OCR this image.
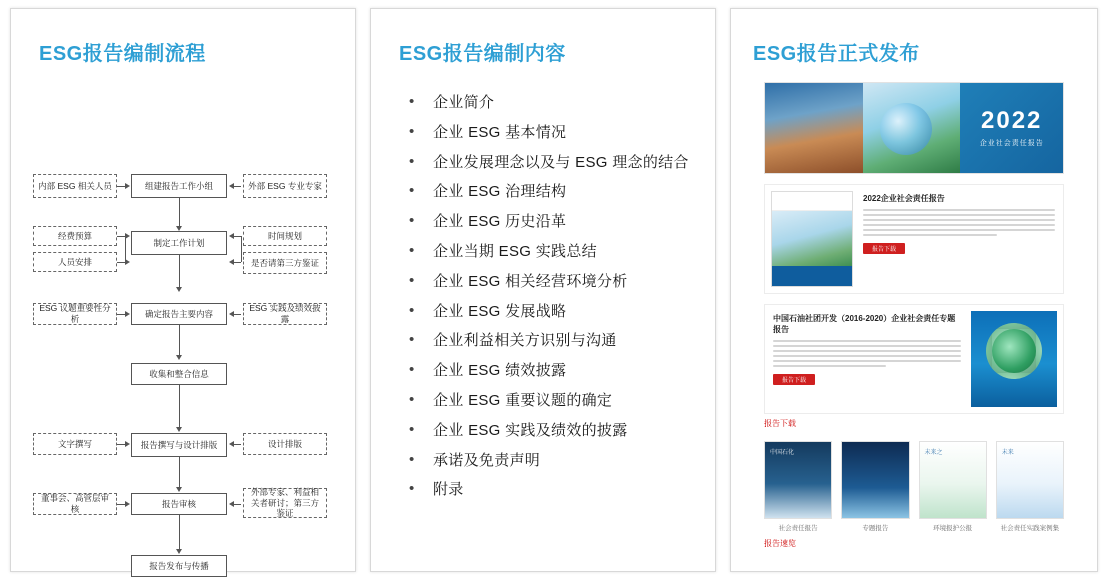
ESG报告编制流程
内部 ESG 相关人员	组建报告工作小组	外部 ESG 专业专家
经费预算
制定工作计划
时间规划
人员安排	是否请第三方鉴证
ESG 议题重要性分析
确定报告主要内容
ESG 实践及绩效披露
收集和整合信息
文字撰写	报告撰写与设计排版	设计排版
董事会、高管层审核
报告审核
外部专家、利益相关者研讨；第三方鉴证
报告发布与传播
ESG报告编制内容
• 企业简介
• 企业 ESG 基本情况
• 企业发展理念以及与 ESG 理念的结合
• 企业 ESG 治理结构
• 企业 ESG 历史沿革
• 企业当期 ESG 实践总结
• 企业 ESG 相关经营环境分析
• 企业 ESG 发展战略
• 企业利益相关方识别与沟通
• 企业 ESG 绩效披露
• 企业 ESG 重要议题的确定
• 企业 ESG 实践及绩效的披露
• 承诺及免责声明
• 附录
ESG报告正式发布
2022
企业社会责任报告
2022企业社会责任报告
报告下载
中国石油社团开发（2016-2020）企业社会责任专题报告
报告下载
报告下载
中国石化	未来之	未来
社会责任报告	专题报告	环境报护公报	社会责任实践案例集
报告速览
